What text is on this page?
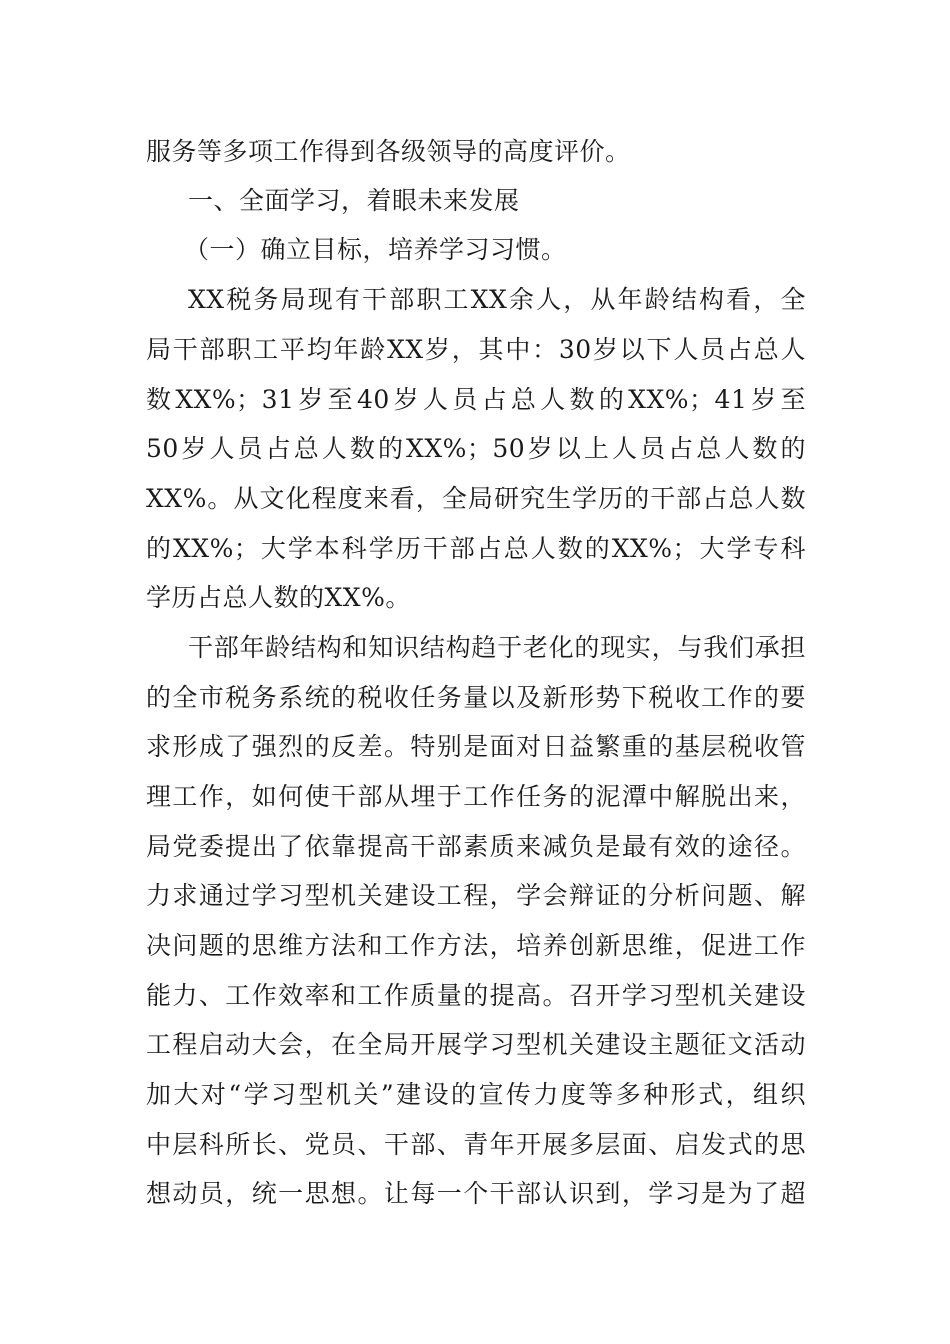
服务等多项工作得到各级领导的高度评价。
一、全面学习，着眼未来发展
（一）确立目标，培养学习习惯。
XX税务局现有干部职工XX余人，从年龄结构看，全
局干部职工平均年龄XX岁，其中：30岁以下人员占总人
数XX%；31岁至40岁人员占总人数的XX%；41岁至
50岁人员占总人数的XX%；50岁以上人员占总人数的
XX%。从文化程度来看，全局研究生学历的干部占总人数
的XX%；大学本科学历干部占总人数的XX%；大学专科
学历占总人数的XX%。
干部年龄结构和知识结构趋于老化的现实，与我们承担
的全市税务系统的税收任务量以及新形势下税收工作的要
求形成了强烈的反差。特别是面对日益繁重的基层税收管
理工作，如何使干部从埋于工作任务的泥潭中解脱出来，
局党委提出了依靠提高干部素质来减负是最有效的途径。
力求通过学习型机关建设工程，学会辩证的分析问题、解
决问题的思维方法和工作方法，培养创新思维，促进工作
能力、工作效率和工作质量的提高。召开学习型机关建设
工程启动大会，在全局开展学习型机关建设主题征文活动
加大对“学习型机关”建设的宣传力度等多种形式，组织
中层科所长、党员、干部、青年开展多层面、启发式的思
想动员，统一思想。让每一个干部认识到，学习是为了超
